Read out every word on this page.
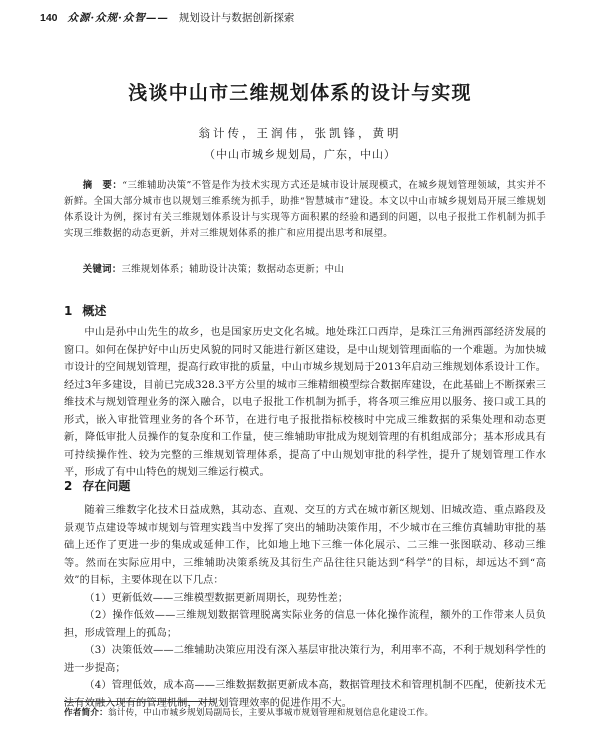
140 众源·众规·众智—— 规划设计与数据创新探索
浅谈中山市三维规划体系的设计与实现
翁计传，王润伟，张凯锋，黄明
（中山市城乡规划局，广东，中山）
摘　要：“三维辅助决策”不管是作为技术实现方式还是城市设计展现模式，在城乡规划管理领域，其实并不新鲜。全国大部分城市也以规划三维系统为抓手，助推“智慧城市”建设。本文以中山市城乡规划局开展三维规划体系设计为例，探讨有关三维规划体系设计与实现等方面积累的经验和遇到的问题，以电子报批工作机制为抓手实现三维数据的动态更新，并对三维规划体系的推广和应用提出思考和展望。
关键词：三维规划体系；辅助设计决策；数据动态更新；中山
1 概述
中山是孙中山先生的故乡，也是国家历史文化名城。地处珠江口西岸，是珠江三角洲西部经济发展的窗口。如何在保护好中山历史风貌的同时又能进行新区建设，是中山规划管理面临的一个难题。为加快城市设计的空间规划管理，提高行政审批的质量，中山市城乡规划局于2013年启动三维规划体系设计工作。经过3年多建设，目前已完成328.3平方公里的城市三维精细模型综合数据库建设，在此基础上不断探索三维技术与规划管理业务的深入融合，以电子报批工作机制为抓手，将各项三维应用以服务、接口或工具的形式，嵌入审批管理业务的各个环节，在进行电子报批指标校核时中完成三维数据的采集处理和动态更新，降低审批人员操作的复杂度和工作量，使三维辅助审批成为规划管理的有机组成部分；基本形成具有可持续操作性、较为完整的三维规划管理体系，提高了中山规划审批的科学性，提升了规划管理工作水平，形成了有中山特色的规划三维运行模式。
2 存在问题
随着三维数字化技术日益成熟，其动态、直观、交互的方式在城市新区规划、旧城改造、重点路段及景观节点建设等城市规划与管理实践当中发挥了突出的辅助决策作用，不少城市在三维仿真辅助审批的基础上还作了更进一步的集成或延伸工作，比如地上地下三维一体化展示、二三维一张图联动、移动三维等。然而在实际应用中，三维辅助决策系统及其衍生产品往往只能达到“科学”的目标，却远达不到“高效”的目标，主要体现在以下几点：
（1）更新低效——三维模型数据更新周期长，现势性差；
（2）操作低效——三维规划数据管理脱离实际业务的信息一体化操作流程，额外的工作带来人员负担，形成管理上的孤岛；
（3）决策低效——二维辅助决策应用没有深入基层审批决策行为，利用率不高，不利于规划科学性的进一步提高；
（4）管理低效，成本高——三维数据数据更新成本高，数据管理技术和管理机制不匹配，使新技术无法有效融入现有的管理机制，对规划管理效率的促进作用不大。
作者简介：翁计传，中山市城乡规划局副局长，主要从事城市规划管理和规划信息化建设工作。
